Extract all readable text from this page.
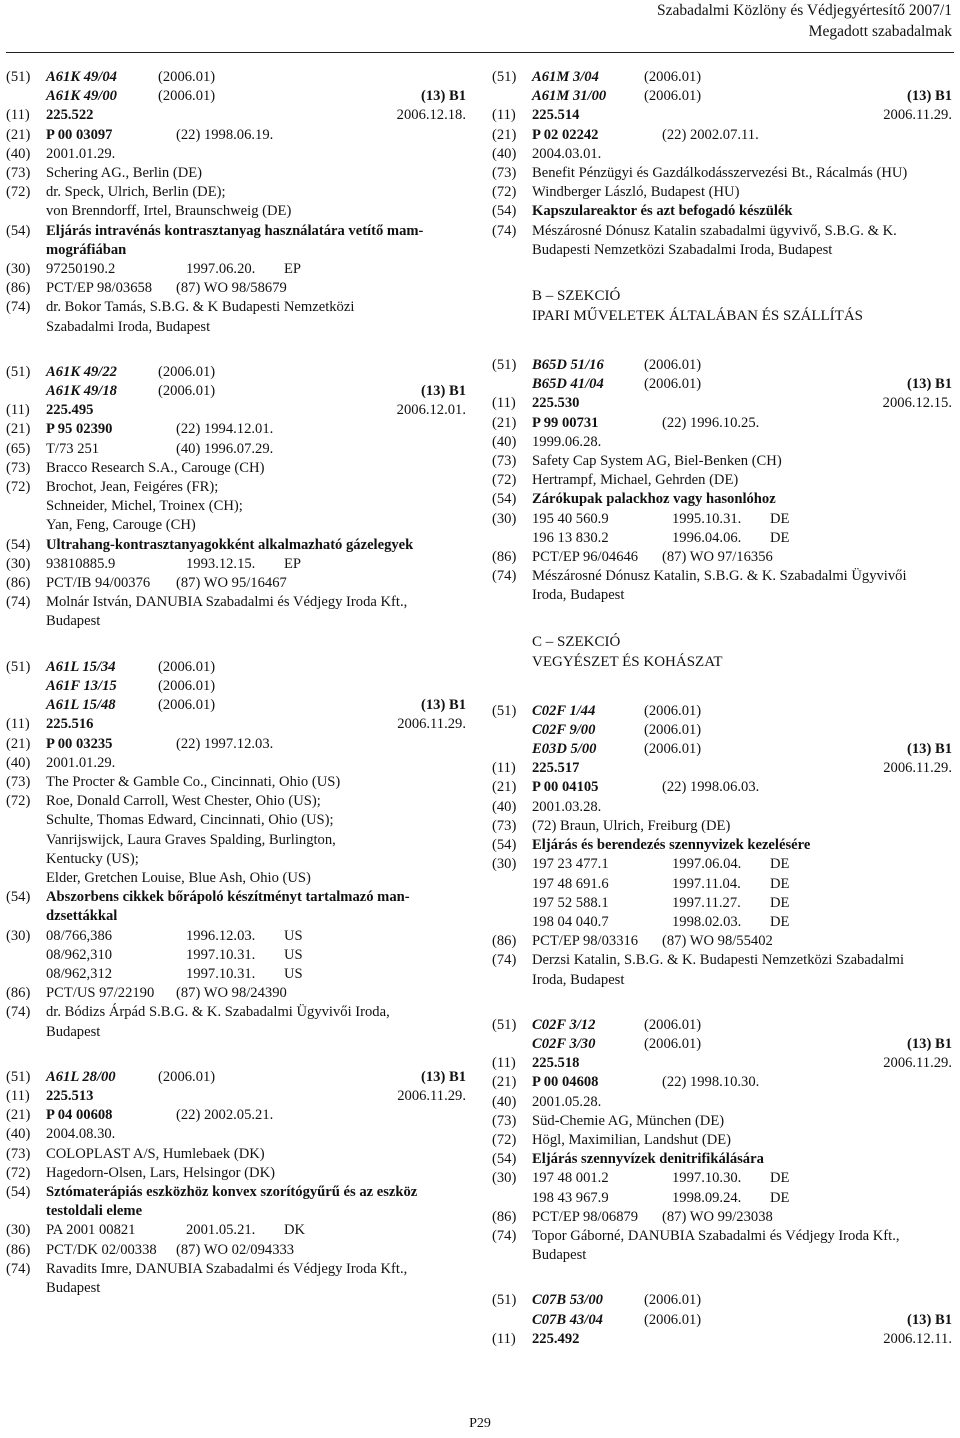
Szabadalmi Közlöny és Védjegyértesítő 2007/1
Megadott szabadalmak
(51)	A61K 49/04	(2006.01)
A61K 49/00	(2006.01)	(13) B1
(11)	225.522	2006.12.18.
(21)	P 00 03097	(22) 1998.06.19.
(40)	2001.01.29.
(73)	Schering AG., Berlin (DE)
(72)	dr. Speck, Ulrich, Berlin (DE);
von Brenndorff, Irtel, Braunschweig (DE)
(54)	Eljárás intravénás kontrasztanyag használatára vetítő mam-
mográfiában
(30)	97250190.2	1997.06.20. EP
(86)	PCT/EP 98/03658 (87) WO 98/58679
(74)	dr. Bokor Tamás, S.B.G. & K Budapesti Nemzetközi
Szabadalmi Iroda, Budapest
(51)	A61K 49/22	(2006.01)
A61K 49/18	(2006.01)	(13) B1
(11)	225.495	2006.12.01.
(21)	P 95 02390	(22) 1994.12.01.
(65)	T/73 251	(40) 1996.07.29.
(73)	Bracco Research S.A., Carouge (CH)
(72)	Brochot, Jean, Feigéres (FR);
Schneider, Michel, Troinex (CH);
Yan, Feng, Carouge (CH)
(54)	Ultrahang-kontrasztanyagokként alkalmazható gázelegyek
(30)	93810885.9	1993.12.15. EP
(86)	PCT/IB 94/00376 (87) WO 95/16467
(74)	Molnár István, DANUBIA Szabadalmi és Védjegy Iroda Kft.,
Budapest
(51)	A61L 15/34	(2006.01)
A61F 13/15	(2006.01)
A61L 15/48	(2006.01)	(13) B1
(11)	225.516	2006.11.29.
(21)	P 00 03235	(22) 1997.12.03.
(40)	2001.01.29.
(73)	The Procter & Gamble Co., Cincinnati, Ohio (US)
(72)	Roe, Donald Carroll, West Chester, Ohio (US);
Schulte, Thomas Edward, Cincinnati, Ohio (US);
Vanrijswijck, Laura Graves Spalding, Burlington,
Kentucky (US);
Elder, Gretchen Louise, Blue Ash, Ohio (US)
(54)	Abszorbens cikkek bőrápoló készítményt tartalmazó man-
dzsettákkal
(30)	08/766,386	1996.12.03. US
08/962,310	1997.10.31. US
08/962,312	1997.10.31. US
(86)	PCT/US 97/22190 (87) WO 98/24390
(74)	dr. Bódizs Árpád S.B.G. & K. Szabadalmi Ügyvivői Iroda,
Budapest
(51)	A61L 28/00	(2006.01)	(13) B1
(11)	225.513	2006.11.29.
(21)	P 04 00608	(22) 2002.05.21.
(40)	2004.08.30.
(73)	COLOPLAST A/S, Humlebaek (DK)
(72)	Hagedorn-Olsen, Lars, Helsingor (DK)
(54)	Sztómaterápiás eszközhöz konvex szorítógyűrű és az eszköz
testoldali eleme
(30)	PA 2001 00821	2001.05.21. DK
(86)	PCT/DK 02/00338 (87) WO 02/094333
(74)	Ravadits Imre, DANUBIA Szabadalmi és Védjegy Iroda Kft.,
Budapest
(51)	A61M 3/04	(2006.01)
A61M 31/00	(2006.01)	(13) B1
(11)	225.514	2006.11.29.
(21)	P 02 02242	(22) 2002.07.11.
(40)	2004.03.01.
(73)	Benefit Pénzügyi és Gazdálkodásszervezési Bt., Rácalmás (HU)
(72)	Windberger László, Budapest (HU)
(54)	Kapszulareaktor és azt befogadó készülék
(74)	Mészárosné Dónusz Katalin szabadalmi ügyvivő, S.B.G. & K.
Budapesti Nemzetközi Szabadalmi Iroda, Budapest
B – SZEKCIÓ
IPARI MŰVELETEK ÁLTALÁBAN ÉS SZÁLLÍTÁS
(51)	B65D 51/16	(2006.01)
B65D 41/04	(2006.01)	(13) B1
(11)	225.530	2006.12.15.
(21)	P 99 00731	(22) 1996.10.25.
(40)	1999.06.28.
(73)	Safety Cap System AG, Biel-Benken (CH)
(72)	Hertrampf, Michael, Gehrden (DE)
(54)	Zárókupak palackhoz vagy hasonlóhoz
(30)	195 40 560.9	1995.10.31. DE
196 13 830.2	1996.04.06. DE
(86)	PCT/EP 96/04646 (87) WO 97/16356
(74)	Mészárosné Dónusz Katalin, S.B.G. & K. Szabadalmi Ügyvivői
Iroda, Budapest
C – SZEKCIÓ
VEGYÉSZET ÉS KOHÁSZAT
(51)	C02F 1/44	(2006.01)
C02F 9/00	(2006.01)
E03D 5/00	(2006.01)	(13) B1
(11)	225.517	2006.11.29.
(21)	P 00 04105	(22) 1998.06.03.
(40)	2001.03.28.
(73)	(72) Braun, Ulrich, Freiburg (DE)
(54)	Eljárás és berendezés szennyvizek kezelésére
(30)	197 23 477.1	1997.06.04. DE
197 48 691.6	1997.11.04. DE
197 52 588.1	1997.11.27. DE
198 04 040.7	1998.02.03. DE
(86)	PCT/EP 98/03316 (87) WO 98/55402
(74)	Derzsi Katalin, S.B.G. & K. Budapesti Nemzetközi Szabadalmi
Iroda, Budapest
(51)	C02F 3/12	(2006.01)
C02F 3/30	(2006.01)	(13) B1
(11)	225.518	2006.11.29.
(21)	P 00 04608	(22) 1998.10.30.
(40)	2001.05.28.
(73)	Süd-Chemie AG, München (DE)
(72)	Högl, Maximilian, Landshut (DE)
(54)	Eljárás szennyvízek denitrifikálására
(30)	197 48 001.2	1997.10.30. DE
198 43 967.9	1998.09.24. DE
(86)	PCT/EP 98/06879 (87) WO 99/23038
(74)	Topor Gáborné, DANUBIA Szabadalmi és Védjegy Iroda Kft.,
Budapest
(51)	C07B 53/00	(2006.01)
C07B 43/04	(2006.01)	(13) B1
(11)	225.492	2006.12.11.
P29
